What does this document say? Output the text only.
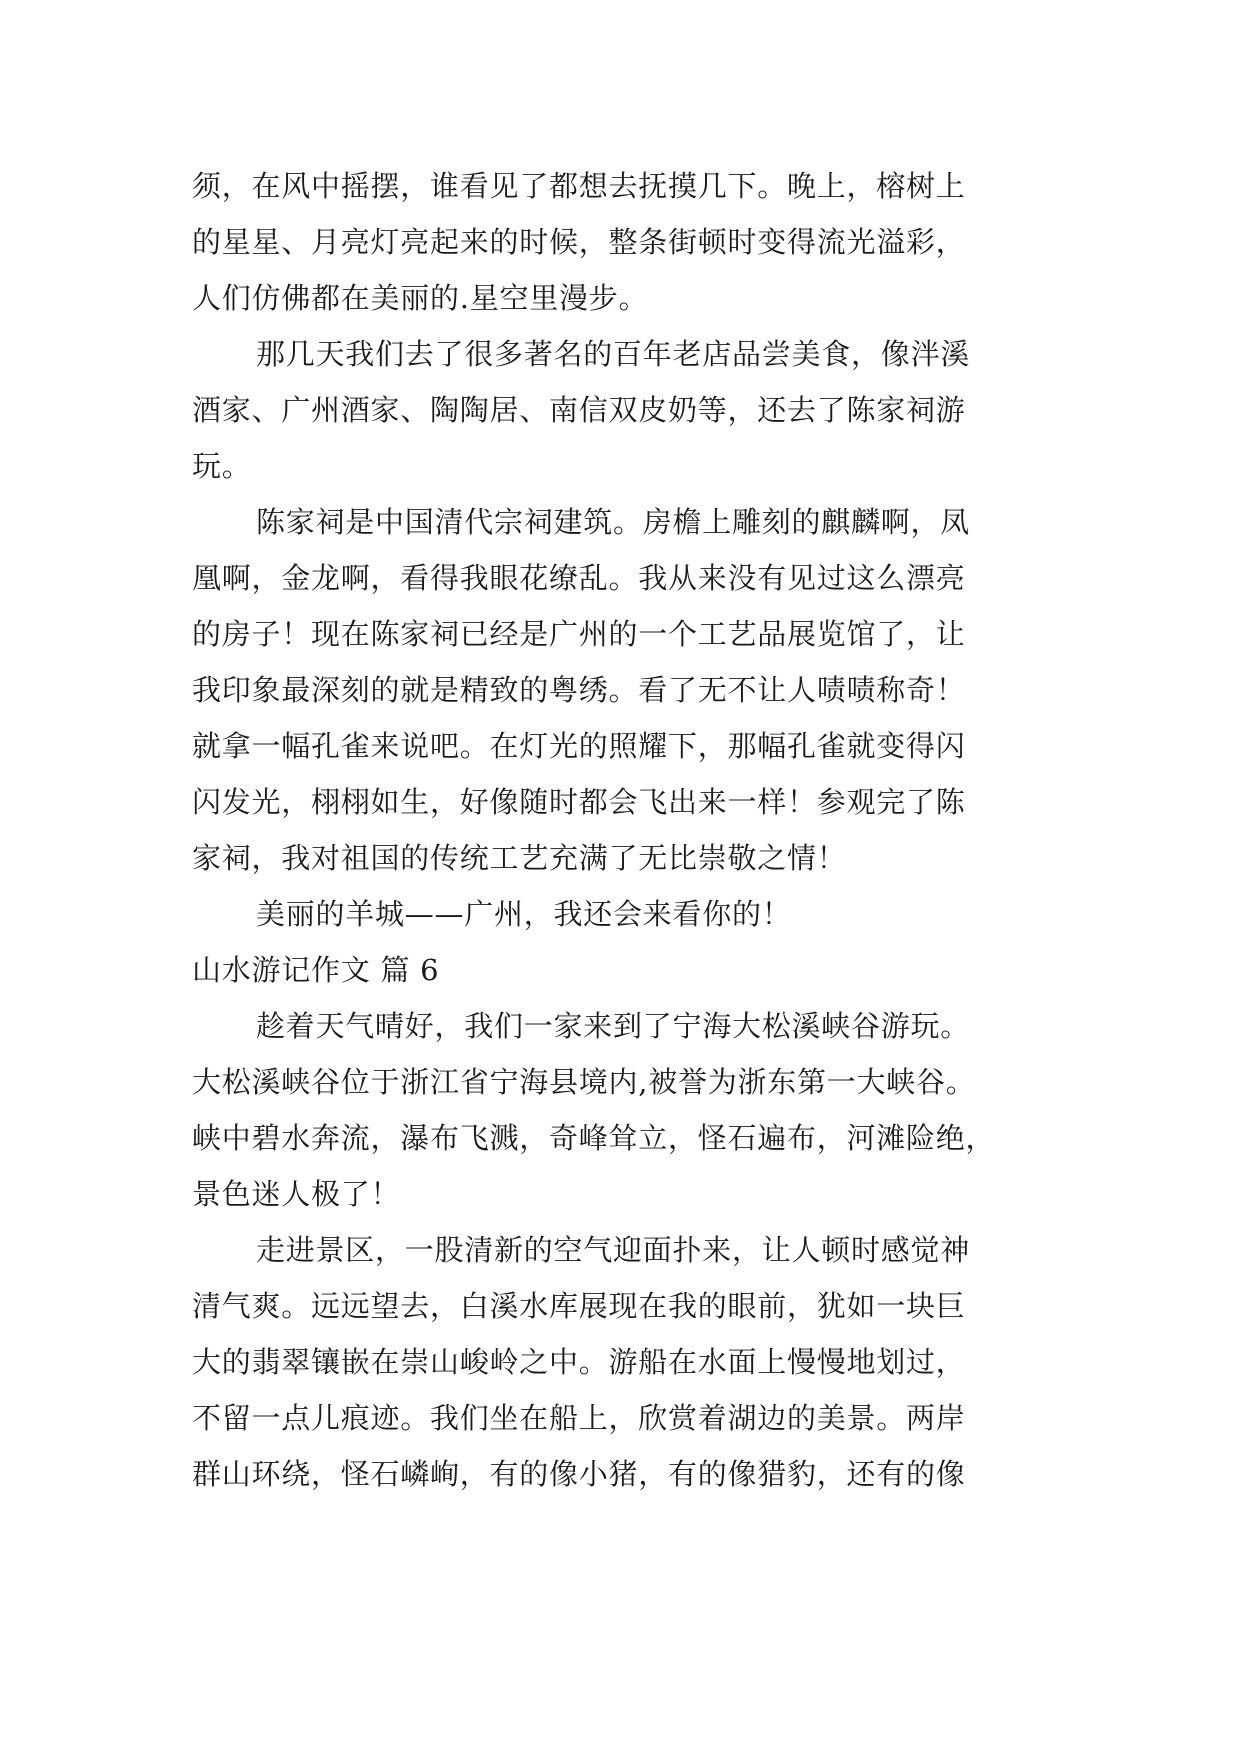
须，在风中摇摆，谁看见了都想去抚摸几下。晚上，榕树上
的星星、月亮灯亮起来的时候，整条街顿时变得流光溢彩，
人们仿佛都在美丽的.星空里漫步。
那几天我们去了很多著名的百年老店品尝美食，像泮溪
酒家、广州酒家、陶陶居、南信双皮奶等，还去了陈家祠游
玩。
陈家祠是中国清代宗祠建筑。房檐上雕刻的麒麟啊，凤
凰啊，金龙啊，看得我眼花缭乱。我从来没有见过这么漂亮
的房子！现在陈家祠已经是广州的一个工艺品展览馆了，让
我印象最深刻的就是精致的粤绣。看了无不让人啧啧称奇！
就拿一幅孔雀来说吧。在灯光的照耀下，那幅孔雀就变得闪
闪发光，栩栩如生，好像随时都会飞出来一样！参观完了陈
家祠，我对祖国的传统工艺充满了无比崇敬之情！
美丽的羊城——广州，我还会来看你的！
山水游记作文 篇 6
趁着天气晴好，我们一家来到了宁海大松溪峡谷游玩。
大松溪峡谷位于浙江省宁海县境内,被誉为浙东第一大峡谷。
峡中碧水奔流，瀑布飞溅，奇峰耸立，怪石遍布，河滩险绝，
景色迷人极了！
走进景区，一股清新的空气迎面扑来，让人顿时感觉神
清气爽。远远望去，白溪水库展现在我的眼前，犹如一块巨
大的翡翠镶嵌在崇山峻岭之中。游船在水面上慢慢地划过，
不留一点儿痕迹。我们坐在船上，欣赏着湖边的美景。两岸
群山环绕，怪石嶙峋，有的像小猪，有的像猎豹，还有的像
